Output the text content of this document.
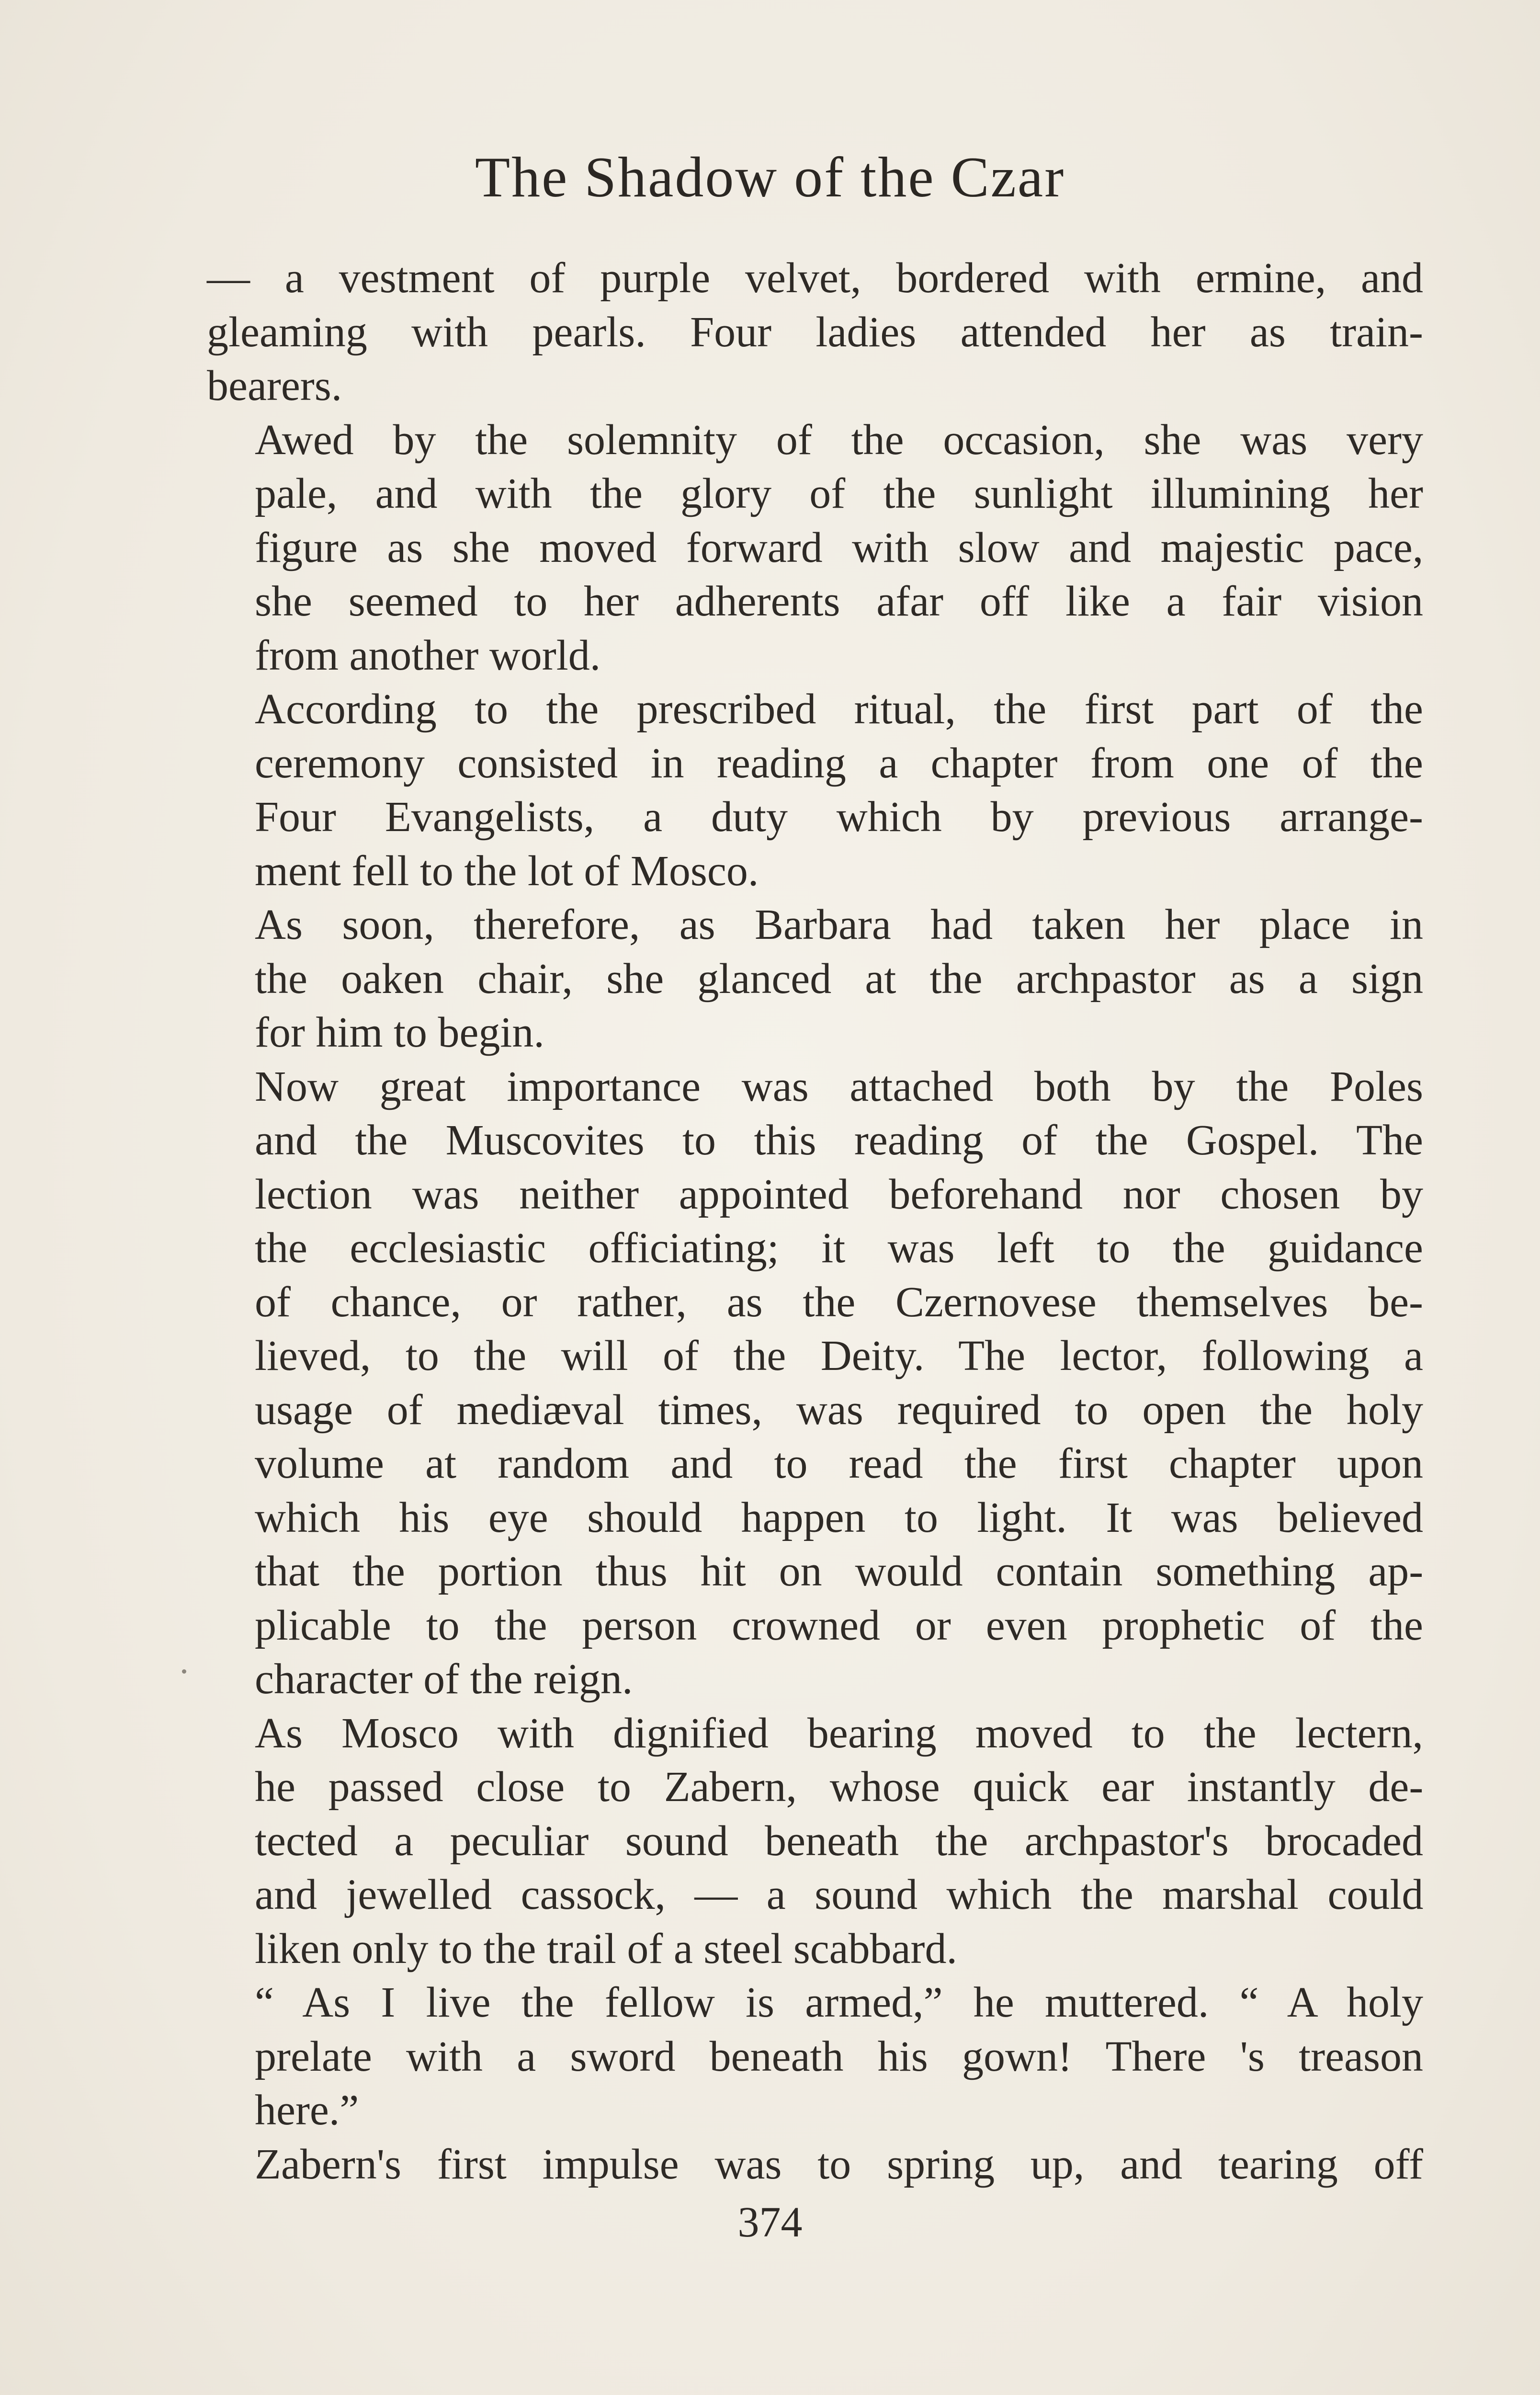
The Shadow of the Czar

— a vestment of purple velvet, bordered with ermine, and
gleaming with pearls. Four ladies attended her as train-
bearers.

Awed by the solemnity of the occasion, she was very
pale, and with the glory of the sunlight illumining her
figure as she moved forward with slow and majestic pace,
she seemed to her adherents afar off like a fair vision
from another world.

According to the prescribed ritual, the first part of the
ceremony consisted in reading a chapter from one of the
Four Evangelists, a duty which by previous arrange-
ment fell to the lot of Mosco.

As soon, therefore, as Barbara had taken her place in
the oaken chair, she glanced at the archpastor as a sign
for him to begin.

Now great importance was attached both by the Poles
and the Muscovites to this reading of the Gospel. The
lection was neither appointed beforehand nor chosen by
the ecclesiastic officiating; it was left to the guidance
of chance, or rather, as the Czernovese themselves be-
lieved, to the will of the Deity. The lector, following a
usage of mediæval times, was required to open the holy
volume at random and to read the first chapter upon
which his eye should happen to light. It was believed
that the portion thus hit on would contain something ap-
plicable to the person crowned or even prophetic of the
character of the reign.

As Mosco with dignified bearing moved to the lectern,
he passed close to Zabern, whose quick ear instantly de-
tected a peculiar sound beneath the archpastor's brocaded
and jewelled cassock, — a sound which the marshal could
liken only to the trail of a steel scabbard.

“ As I live the fellow is armed,” he muttered. “ A holy
prelate with a sword beneath his gown! There 's treason
here.”

Zabern's first impulse was to spring up, and tearing off

374
